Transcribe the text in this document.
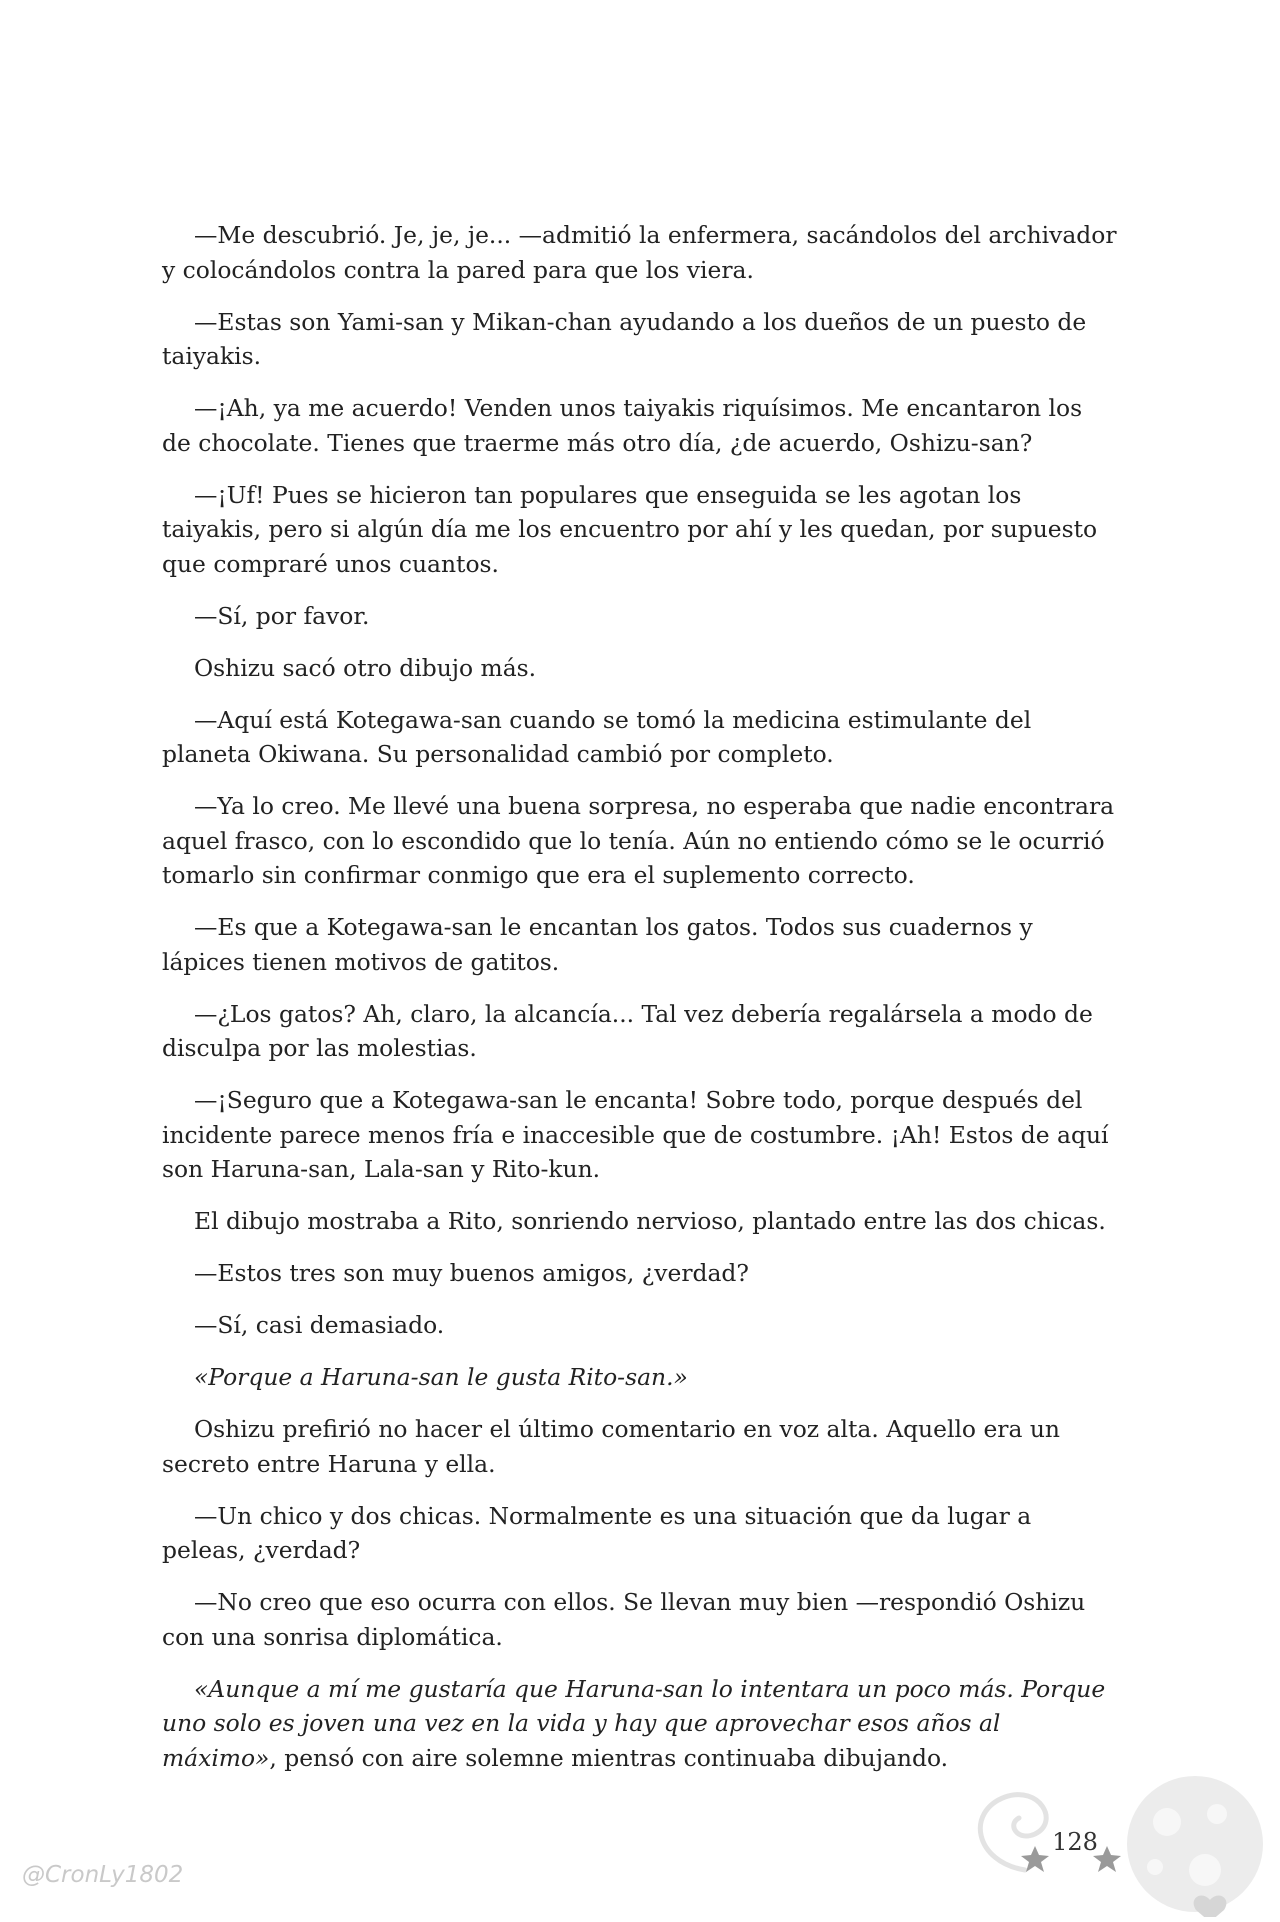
—Me descubrió. Je, je, je... —admitió la enfermera, sacándolos del archivador y colocándolos contra la pared para que los viera.

—Estas son Yami-san y Mikan-chan ayudando a los dueños de un puesto de taiyakis.

—¡Ah, ya me acuerdo! Venden unos taiyakis riquísimos. Me encantaron los de chocolate. Tienes que traerme más otro día, ¿de acuerdo, Oshizu-san?

—¡Uf! Pues se hicieron tan populares que enseguida se les agotan los taiyakis, pero si algún día me los encuentro por ahí y les quedan, por supuesto que compraré unos cuantos.

—Sí, por favor.

Oshizu sacó otro dibujo más.

—Aquí está Kotegawa-san cuando se tomó la medicina estimulante del planeta Okiwana. Su personalidad cambió por completo.

—Ya lo creo. Me llevé una buena sorpresa, no esperaba que nadie encontrara aquel frasco, con lo escondido que lo tenía. Aún no entiendo cómo se le ocurrió tomarlo sin confirmar conmigo que era el suplemento correcto.

—Es que a Kotegawa-san le encantan los gatos. Todos sus cuadernos y lápices tienen motivos de gatitos.

—¿Los gatos? Ah, claro, la alcancía... Tal vez debería regalársela a modo de disculpa por las molestias.

—¡Seguro que a Kotegawa-san le encanta! Sobre todo, porque después del incidente parece menos fría e inaccesible que de costumbre. ¡Ah! Estos de aquí son Haruna-san, Lala-san y Rito-kun.

El dibujo mostraba a Rito, sonriendo nervioso, plantado entre las dos chicas.

—Estos tres son muy buenos amigos, ¿verdad?

—Sí, casi demasiado.

«Porque a Haruna-san le gusta Rito-san.»

Oshizu prefirió no hacer el último comentario en voz alta. Aquello era un secreto entre Haruna y ella.

—Un chico y dos chicas. Normalmente es una situación que da lugar a peleas, ¿verdad?

—No creo que eso ocurra con ellos. Se llevan muy bien —respondió Oshizu con una sonrisa diplomática.

«Aunque a mí me gustaría que Haruna-san lo intentara un poco más. Porque uno solo es joven una vez en la vida y hay que aprovechar esos años al máximo», pensó con aire solemne mientras continuaba dibujando.

128
@CronLy1802
